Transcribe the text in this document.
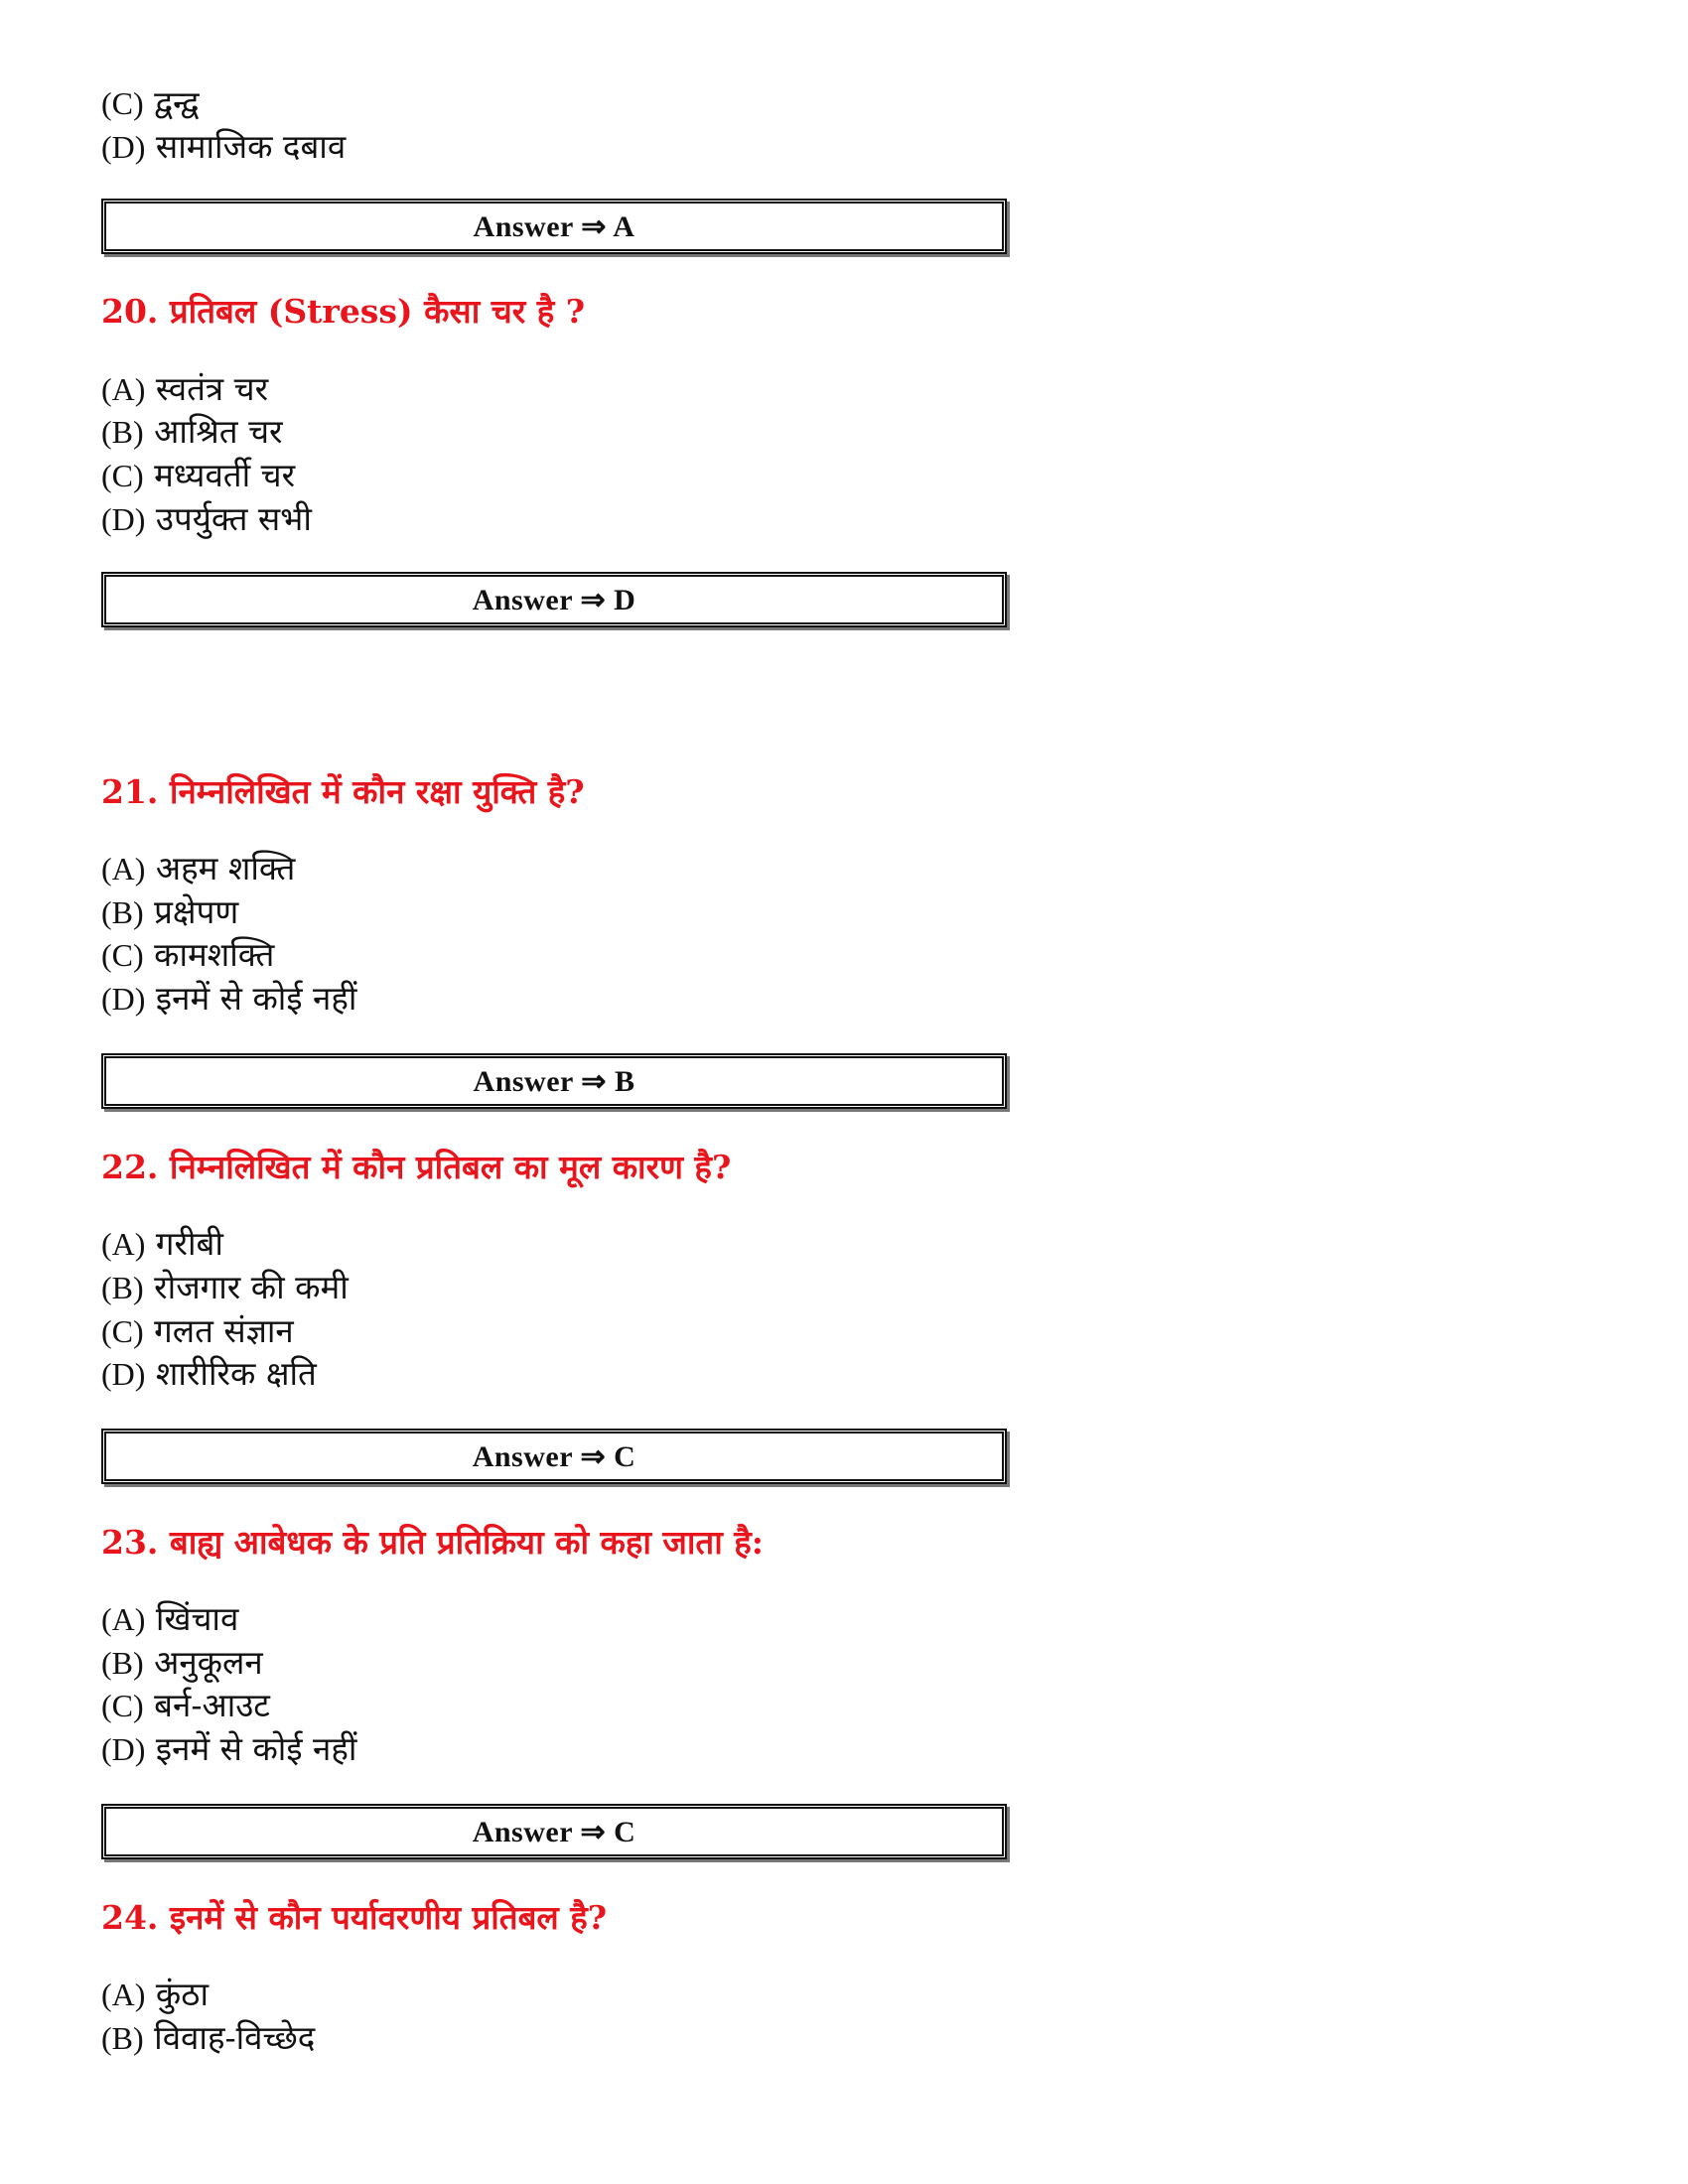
(C) द्वन्द्व
(D) सामाजिक दबाव
Answer ⇒ A
20. प्रतिबल (Stress) कैसा चर है ?
(A) स्वतंत्र चर
(B) आश्रित चर
(C) मध्यवर्ती चर
(D) उपर्युक्त सभी
Answer ⇒ D
21. निम्नलिखित में कौन रक्षा युक्ति है?
(A) अहम शक्ति
(B) प्रक्षेपण
(C) कामशक्ति
(D) इनमें से कोई नहीं
Answer ⇒ B
22. निम्नलिखित में कौन प्रतिबल का मूल कारण है?
(A) गरीबी
(B) रोजगार की कमी
(C) गलत संज्ञान
(D) शारीरिक क्षति
Answer ⇒ C
23. बाह्य आबेधक के प्रति प्रतिक्रिया को कहा जाता है:
(A) खिंचाव
(B) अनुकूलन
(C) बर्न-आउट
(D) इनमें से कोई नहीं
Answer ⇒ C
24. इनमें से कौन पर्यावरणीय प्रतिबल है?
(A) कुंठा
(B) विवाह-विच्छेद
